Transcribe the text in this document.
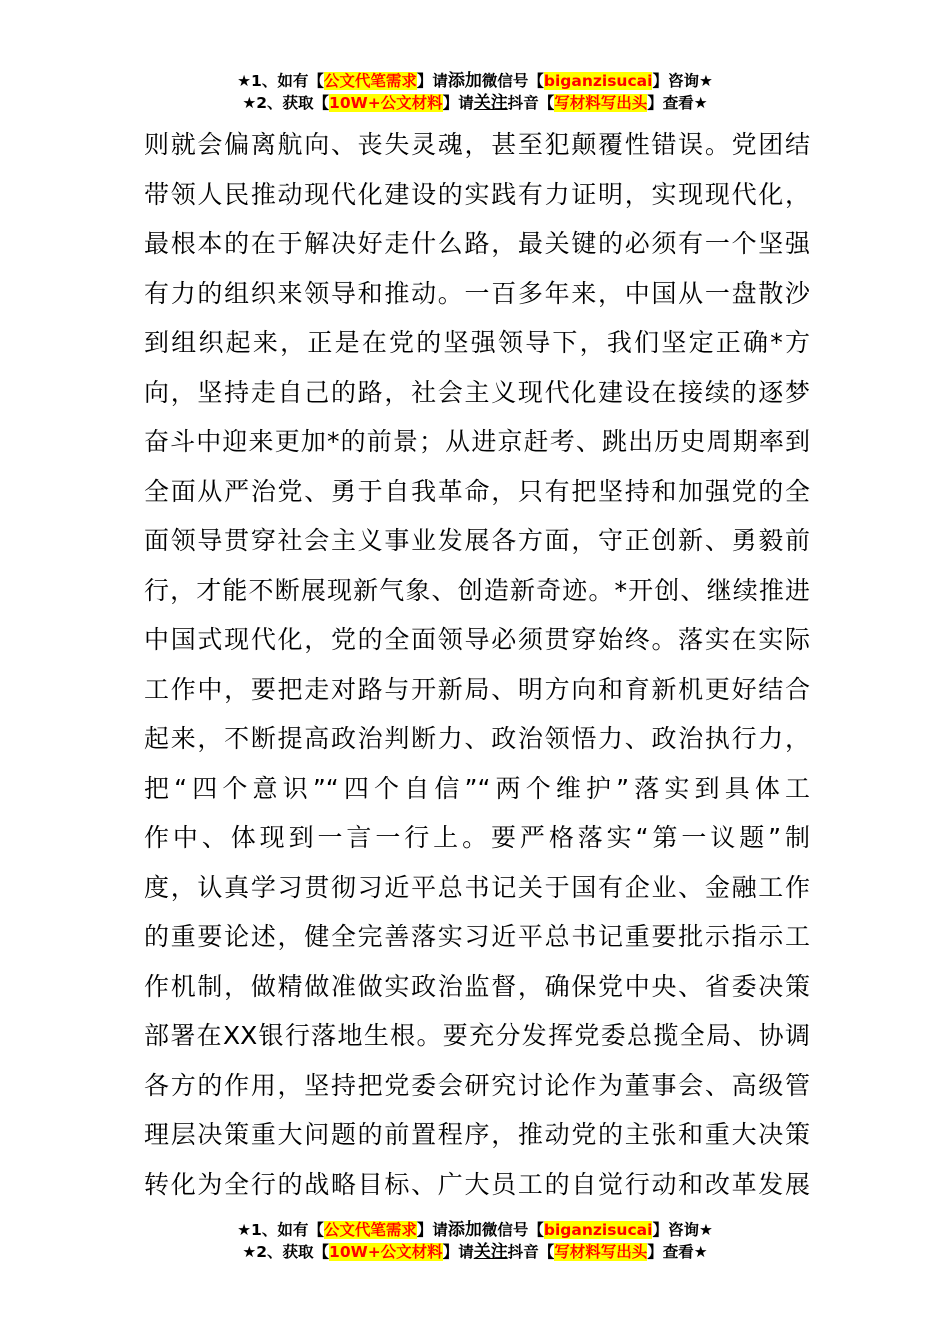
★1、如有【公文代笔需求】请添加微信号【biganzisucai】咨询★
★2、获取【10W+公文材料】请关注抖音【写材料写出头】查看★
则就会偏离航向、丧失灵魂，甚至犯颠覆性错误。党团结
带领人民推动现代化建设的实践有力证明，实现现代化，
最根本的在于解决好走什么路，最关键的必须有一个坚强
有力的组织来领导和推动。一百多年来，中国从一盘散沙
到组织起来，正是在党的坚强领导下，我们坚定正确*方
向，坚持走自己的路，社会主义现代化建设在接续的逐梦
奋斗中迎来更加*的前景；从进京赶考、跳出历史周期率到
全面从严治党、勇于自我革命，只有把坚持和加强党的全
面领导贯穿社会主义事业发展各方面，守正创新、勇毅前
行，才能不断展现新气象、创造新奇迹。*开创、继续推进
中国式现代化，党的全面领导必须贯穿始终。落实在实际
工作中，要把走对路与开新局、明方向和育新机更好结合
起来，不断提高政治判断力、政治领悟力、政治执行力，
把“四个意识”“四个自信”“两个维护”落实到具体工
作中、体现到一言一行上。要严格落实“第一议题”制
度，认真学习贯彻习近平总书记关于国有企业、金融工作
的重要论述，健全完善落实习近平总书记重要批示指示工
作机制，做精做准做实政治监督，确保党中央、省委决策
部署在XX银行落地生根。要充分发挥党委总揽全局、协调
各方的作用，坚持把党委会研究讨论作为董事会、高级管
理层决策重大问题的前置程序，推动党的主张和重大决策
转化为全行的战略目标、广大员工的自觉行动和改革发展
★1、如有【公文代笔需求】请添加微信号【biganzisucai】咨询★
★2、获取【10W+公文材料】请关注抖音【写材料写出头】查看★
